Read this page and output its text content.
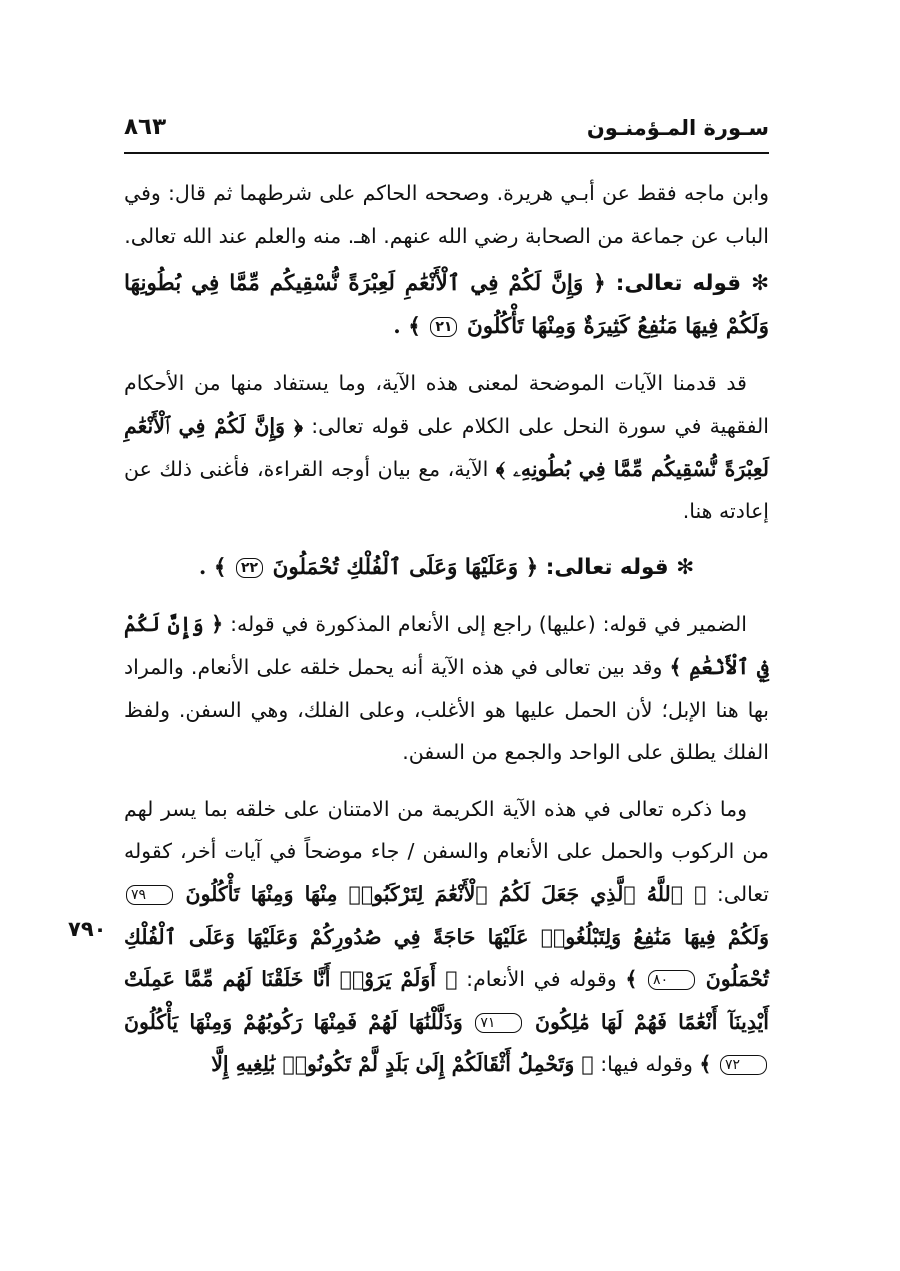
سـورة المـؤمنـون
٨٦٣
٧٩٠

وابن ماجه فقط عن أبـي هريرة. وصححه الحاكم على شرطهما ثم قال: وفي الباب عن جماعة من الصحابة رضي الله عنهم. اهـ. منه والعلم عند الله تعالى.

✻ قوله تعالى: ﴿ وَإِنَّ لَكُمْ فِي ٱلْأَنْعَٰمِ لَعِبْرَةً نُّسْقِيكُم مِّمَّا فِي بُطُونِهَا وَلَكُمْ فِيهَا مَنَٰفِعُ كَثِيرَةٌ وَمِنْهَا تَأْكُلُونَ ٢١ ﴾ .

قد قدمنا الآيات الموضحة لمعنى هذه الآية، وما يستفاد منها من الأحكام الفقهية في سورة النحل على الكلام على قوله تعالى: ﴿ وَإِنَّ لَكُمْ فِي ٱلْأَنْعَٰمِ لَعِبْرَةً نُّسْقِيكُم مِّمَّا فِي بُطُونِهِۦ ﴾ الآية، مع بيان أوجه القراءة، فأغنى ذلك عن إعادته هنا.

✻ قوله تعالى: ﴿ وَعَلَيْهَا وَعَلَى ٱلْفُلْكِ تُحْمَلُونَ ٢٢ ﴾ .

الضمير في قوله: (عليها) راجع إلى الأنعام المذكورة في قوله: ﴿ وَإِنَّ لَكُمْ فِي ٱلْأَنْعَٰمِ ﴾ وقد بين تعالى في هذه الآية أنه يحمل خلقه على الأنعام. والمراد بها هنا الإبل؛ لأن الحمل عليها هو الأغلب، وعلى الفلك، وهي السفن. ولفظ الفلك يطلق على الواحد والجمع من السفن.

وما ذكره تعالى في هذه الآية الكريمة من الامتنان على خلقه بما يسر لهم من الركوب والحمل على الأنعام والسفن / جاء موضحاً في آيات أخر، كقوله تعالى: ﴿ ٱللَّهُ ٱلَّذِي جَعَلَ لَكُمُ ٱلْأَنْعَٰمَ لِتَرْكَبُوا۟ مِنْهَا وَمِنْهَا تَأْكُلُونَ ٧٩ وَلَكُمْ فِيهَا مَنَٰفِعُ وَلِتَبْلُغُوا۟ عَلَيْهَا حَاجَةً فِي صُدُورِكُمْ وَعَلَيْهَا وَعَلَى ٱلْفُلْكِ تُحْمَلُونَ ٨٠ ﴾ وقوله في الأنعام: ﴿ أَوَلَمْ يَرَوْا۟ أَنَّا خَلَقْنَا لَهُم مِّمَّا عَمِلَتْ أَيْدِينَآ أَنْعَٰمًا فَهُمْ لَهَا مَٰلِكُونَ ٧١ وَذَلَّلْنَٰهَا لَهُمْ فَمِنْهَا رَكُوبُهُمْ وَمِنْهَا يَأْكُلُونَ ٧٢ ﴾ وقوله فيها: ﴿ وَتَحْمِلُ أَثْقَالَكُمْ إِلَىٰ بَلَدٍ لَّمْ تَكُونُوا۟ بَٰلِغِيهِ إِلَّا
